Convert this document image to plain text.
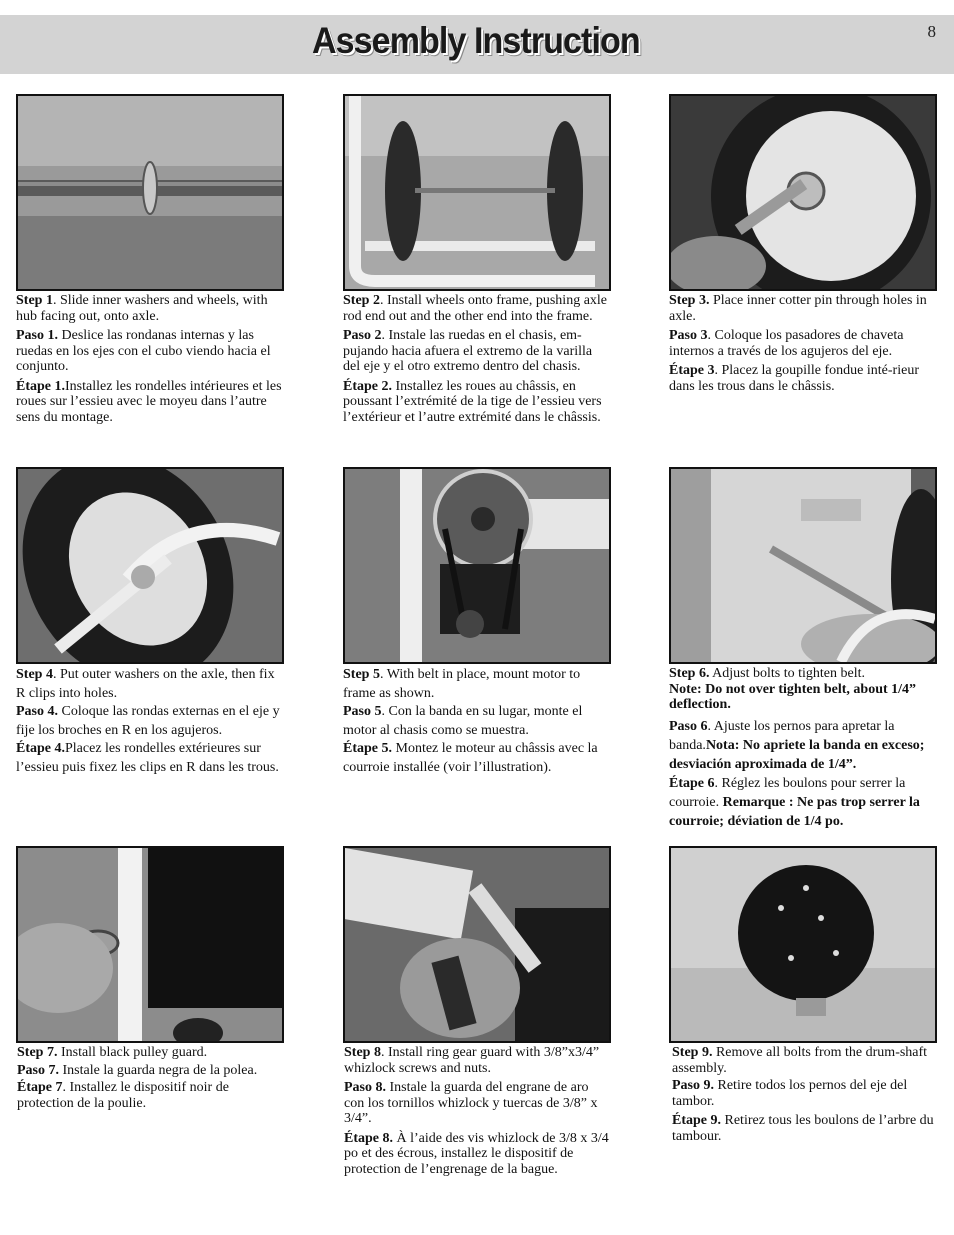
Assembly Instruction	8

Step 1. Slide inner washers and wheels, with hub facing out, onto axle.

Paso 1. Deslice las rondanas internas y las ruedas en los ejes con el cubo viendo hacia el conjunto.

Étape 1.Installez les rondelles intérieures et les roues sur l’essieu avec le moyeu dans l’autre sens du montage.

Step 2. Install wheels onto frame, pushing axle rod end out and the other end into the frame.

Paso 2. Instale las ruedas en el chasis, em-pujando hacia afuera el extremo de la varilla del eje y el otro extremo dentro del chasis.

Étape 2. Installez les roues au châssis, en poussant l’extrémité de la tige de l’essieu vers l’extérieur et l’autre extrémité dans le châssis.

Step 3. Place inner cotter pin through holes in axle.

Paso 3. Coloque los pasadores de chaveta internos a través de los agujeros del eje.

Étape 3. Placez la goupille fondue inté-rieur dans les trous dans le châssis.

Step 4. Put outer washers on the axle, then fix R clips into holes.

Paso 4. Coloque las rondas externas en el eje y fije los broches en R en los agujeros.

Étape 4.Placez les rondelles extérieures sur l’essieu puis fixez les clips en R dans les trous.

Step 5. With belt in place, mount motor to frame as shown.

Paso 5. Con la banda en su lugar, monte el motor al chasis como se muestra.

Étape 5. Montez le moteur au châssis avec la courroie installée (voir l’illustration).

Step 6. Adjust bolts to tighten belt.
Note: Do not over tighten belt, about 1/4” deflection.

Paso 6. Ajuste los pernos para apretar la banda.Nota: No apriete la banda en exceso; desviación aproximada de 1/4”.

Étape 6. Réglez les boulons pour serrer la courroie. Remarque : Ne pas trop serrer la courroie; déviation de 1/4 po.

Step 7. Install black pulley guard.

Paso 7. Instale la guarda negra de la polea.

Étape 7. Installez le dispositif noir de protection de la poulie.

Step 8. Install ring gear guard with 3/8”x3/4” whizlock screws and nuts.

Paso 8. Instale la guarda del engrane de aro con los tornillos whizlock y tuercas de 3/8” x 3/4”.

Étape 8. À l’aide des vis whizlock de 3/8 x 3/4 po et des écrous, installez le dispositif de protection de l’engrenage de la bague.

Step 9. Remove all bolts from the drum-shaft assembly.

Paso 9. Retire todos los pernos del eje del tambor.

Étape 9. Retirez tous les boulons de l’arbre du tambour.
